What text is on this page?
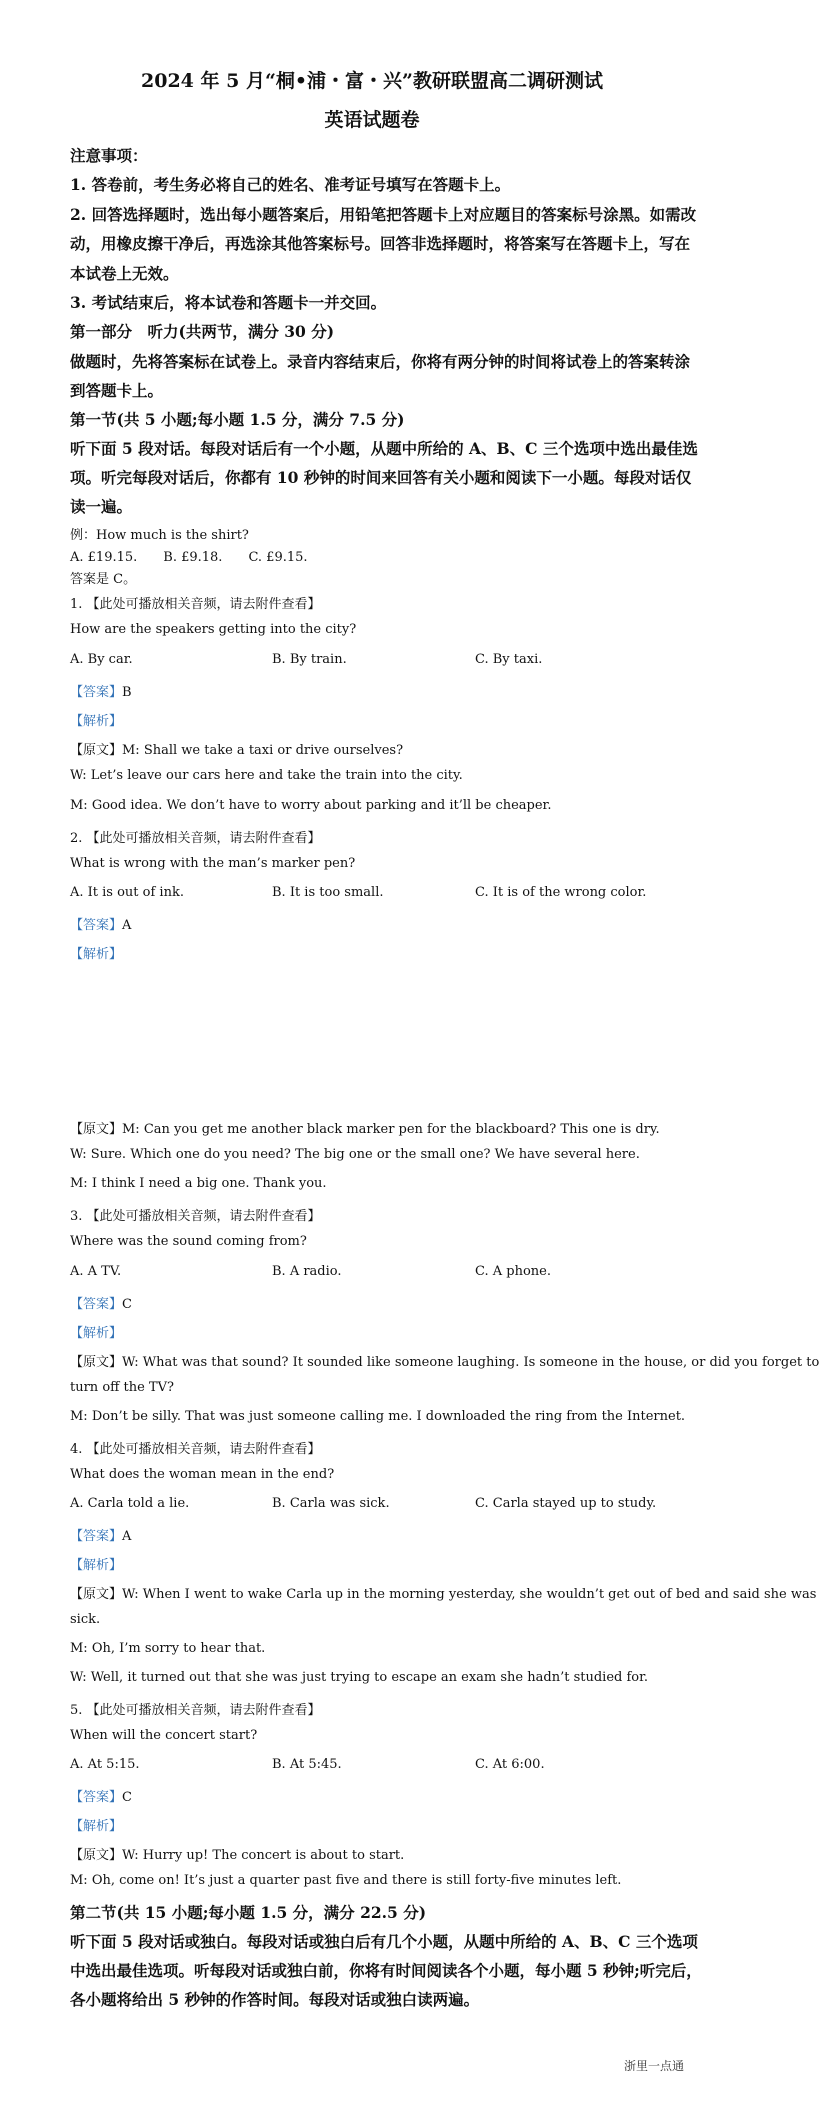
2024 年 5 月“桐•浦・富・兴”教研联盟高二调研测试
英语试题卷
注意事项：
1. 答卷前，考生务必将自己的姓名、准考证号填写在答题卡上。
2. 回答选择题时，选出每小题答案后，用铅笔把答题卡上对应题目的答案标号涂黑。如需改
动，用橡皮擦干净后，再选涂其他答案标号。回答非选择题时，将答案写在答题卡上，写在
本试卷上无效。
3. 考试结束后，将本试卷和答题卡一并交回。
第一部分　听力(共两节，满分 30 分)
做题时，先将答案标在试卷上。录音内容结束后，你将有两分钟的时间将试卷上的答案转涂
到答题卡上。
第一节(共 5 小题;每小题 1.5 分，满分 7.5 分)
听下面 5 段对话。每段对话后有一个小题，从题中所给的 A、B、C 三个选项中选出最佳选
项。听完每段对话后，你都有 10 秒钟的时间来回答有关小题和阅读下一小题。每段对话仅
读一遍。
例：How much is the shirt?
A. £19.15.　　B. £9.18.　　C. £9.15.
答案是 C。
1. 【此处可播放相关音频，请去附件查看】
How are the speakers getting into the city?
A. By car.	B. By train.	C. By taxi.
【答案】B
【解析】
【原文】M: Shall we take a taxi or drive ourselves?
W: Let’s leave our cars here and take the train into the city.
M: Good idea. We don’t have to worry about parking and it’ll be cheaper.
2. 【此处可播放相关音频，请去附件查看】
What is wrong with the man’s marker pen?
A. It is out of ink.	B. It is too small.	C. It is of the wrong color.
【答案】A
【解析】
【原文】M: Can you get me another black marker pen for the blackboard? This one is dry.
W: Sure. Which one do you need? The big one or the small one? We have several here.
M: I think I need a big one. Thank you.
3. 【此处可播放相关音频，请去附件查看】
Where was the sound coming from?
A. A TV.	B. A radio.	C. A phone.
【答案】C
【解析】
【原文】W: What was that sound? It sounded like someone laughing. Is someone in the house, or did you forget to
turn off the TV?
M: Don’t be silly. That was just someone calling me. I downloaded the ring from the Internet.
4. 【此处可播放相关音频，请去附件查看】
What does the woman mean in the end?
A. Carla told a lie.	B. Carla was sick.	C. Carla stayed up to study.
【答案】A
【解析】
【原文】W: When I went to wake Carla up in the morning yesterday, she wouldn’t get out of bed and said she was
sick.
M: Oh, I’m sorry to hear that.
W: Well, it turned out that she was just trying to escape an exam she hadn’t studied for.
5. 【此处可播放相关音频，请去附件查看】
When will the concert start?
A. At 5:15.	B. At 5:45.	C. At 6:00.
【答案】C
【解析】
【原文】W: Hurry up! The concert is about to start.
M: Oh, come on! It’s just a quarter past five and there is still forty-five minutes left.
第二节(共 15 小题;每小题 1.5 分，满分 22.5 分)
听下面 5 段对话或独白。每段对话或独白后有几个小题，从题中所给的 A、B、C 三个选项
中选出最佳选项。听每段对话或独白前，你将有时间阅读各个小题，每小题 5 秒钟;听完后，
各小题将给出 5 秒钟的作答时间。每段对话或独白读两遍。
浙里一点通
